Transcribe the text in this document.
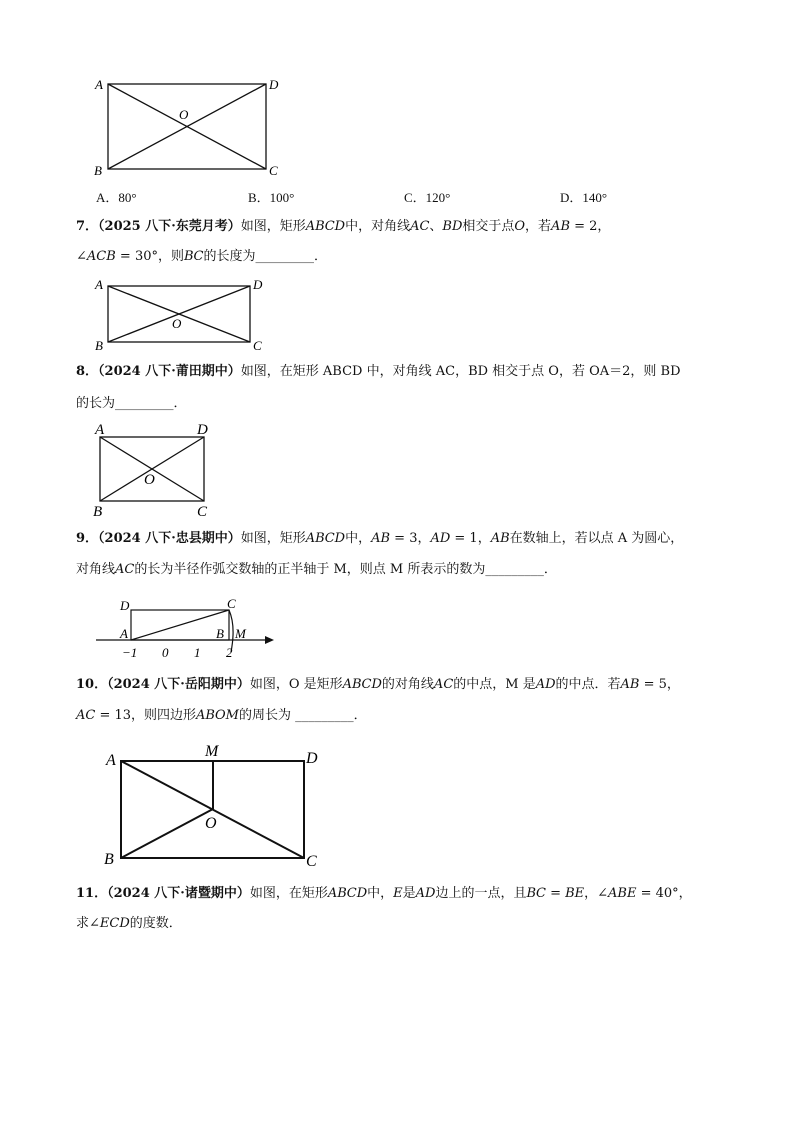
A	D
B	C
O
A．80°	B．100°	C．120°	D．140°
7．（2025 八下·东莞月考）如图，矩形𝐴𝐵𝐶𝐷中，对角线𝐴𝐶、𝐵𝐷相交于点𝑂，若𝐴𝐵 = 2，
∠𝐴𝐶𝐵 = 30°，则𝐵𝐶的长度为_________．
A	D
B	C
O
8．（2024 八下·莆田期中）如图，在矩形 ABCD 中，对角线 AC，BD 相交于点 O，若 OA＝2，则 BD
的长为_________．
A	D
B	C
O
9．（2024 八下·忠县期中）如图，矩形𝐴𝐵𝐶𝐷中，𝐴𝐵 = 3，𝐴𝐷 = 1，𝐴𝐵在数轴上，若以点 A 为圆心，
对角线𝐴𝐶的长为半径作弧交数轴的正半轴于 M，则点 M 所表示的数为_________．
D	C
A	B M
−1 0 1 2
10．（2024 八下·岳阳期中）如图，O 是矩形𝐴𝐵𝐶𝐷的对角线𝐴𝐶的中点，M 是𝐴𝐷的中点．若𝐴𝐵 = 5，
𝐴𝐶 = 13，则四边形𝐴𝐵𝑂𝑀的周长为 _________．
A
M	D
B	C
O
11．（2024 八下·诸暨期中）如图，在矩形𝐴𝐵𝐶𝐷中，𝐸是𝐴𝐷边上的一点，且𝐵𝐶 = 𝐵𝐸，∠𝐴𝐵𝐸 = 40°，
求∠𝐸𝐶𝐷的度数．
